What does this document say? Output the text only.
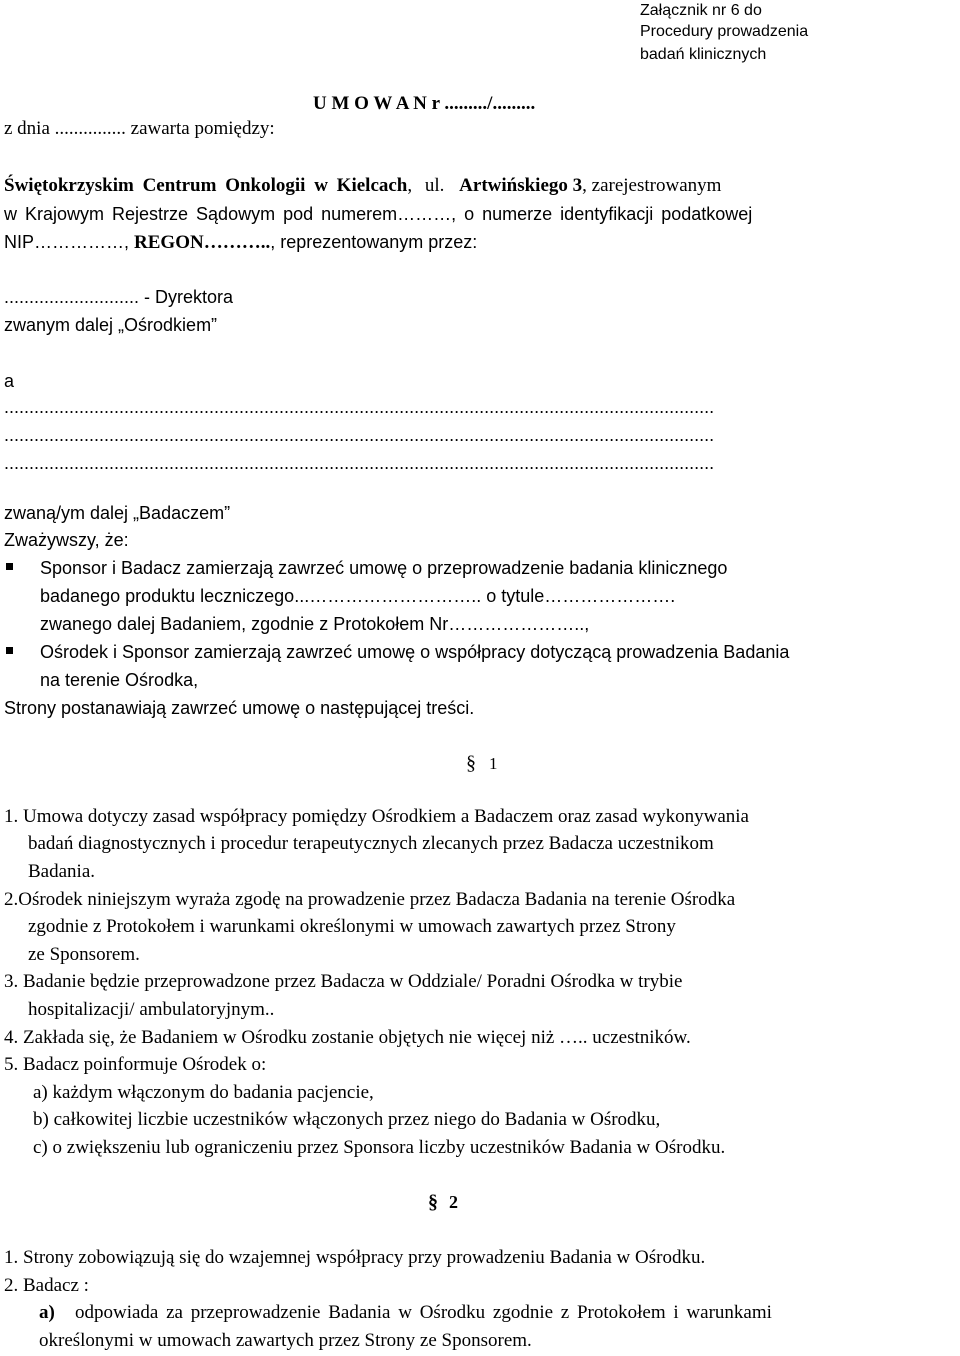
Załącznik nr 6 do
Procedury prowadzenia
badań klinicznych
U M O W A N r ........./.........
z dnia ............... zawarta pomiędzy:
Świętokrzyskim Centrum Onkologii w Kielcach, ul. Artwińskiego 3, zarejestrowanym
w Krajowym Rejestrze Sądowym pod numerem………, o numerze identyfikacji podatkowej
NIP……………, REGON……….., reprezentowanym przez:
........................... - Dyrektora
zwanym dalej „Ośrodkiem”
a
..............................................................................................................................................
..............................................................................................................................................
..............................................................................................................................................
zwaną/ym dalej „Badaczem”
Zważywszy, że:
Sponsor i Badacz zamierzają zawrzeć umowę o przeprowadzenie badania klinicznego
badanego produktu leczniczego...……………………….. o tytule………………….
zwanego dalej Badaniem, zgodnie z Protokołem Nr…………………..,
Ośrodek i Sponsor zamierzają zawrzeć umowę o współpracy dotyczącą prowadzenia Badania
na terenie Ośrodka,
Strony postanawiają zawrzeć umowę o następującej treści.
§ 1
1. Umowa dotyczy zasad współpracy pomiędzy Ośrodkiem a Badaczem oraz zasad wykonywania
badań diagnostycznych i procedur terapeutycznych zlecanych przez Badacza uczestnikom
Badania.
2.Ośrodek niniejszym wyraża zgodę na prowadzenie przez Badacza Badania na terenie Ośrodka
zgodnie z Protokołem i warunkami określonymi w umowach zawartych przez Strony
ze Sponsorem.
3. Badanie będzie przeprowadzone przez Badacza w Oddziale/ Poradni Ośrodka w trybie
hospitalizacji/ ambulatoryjnym..
4. Zakłada się, że Badaniem w Ośrodku zostanie objętych nie więcej niż ….. uczestników.
5. Badacz poinformuje Ośrodek o:
a) każdym włączonym do badania pacjencie,
b) całkowitej liczbie uczestników włączonych przez niego do Badania w Ośrodku,
c) o zwiększeniu lub ograniczeniu przez Sponsora liczby uczestników Badania w Ośrodku.
§ 2
1. Strony zobowiązują się do wzajemnej współpracy przy prowadzeniu Badania w Ośrodku.
2. Badacz :
a) odpowiada za przeprowadzenie Badania w Ośrodku zgodnie z Protokołem i warunkami
określonymi w umowach zawartych przez Strony ze Sponsorem.
